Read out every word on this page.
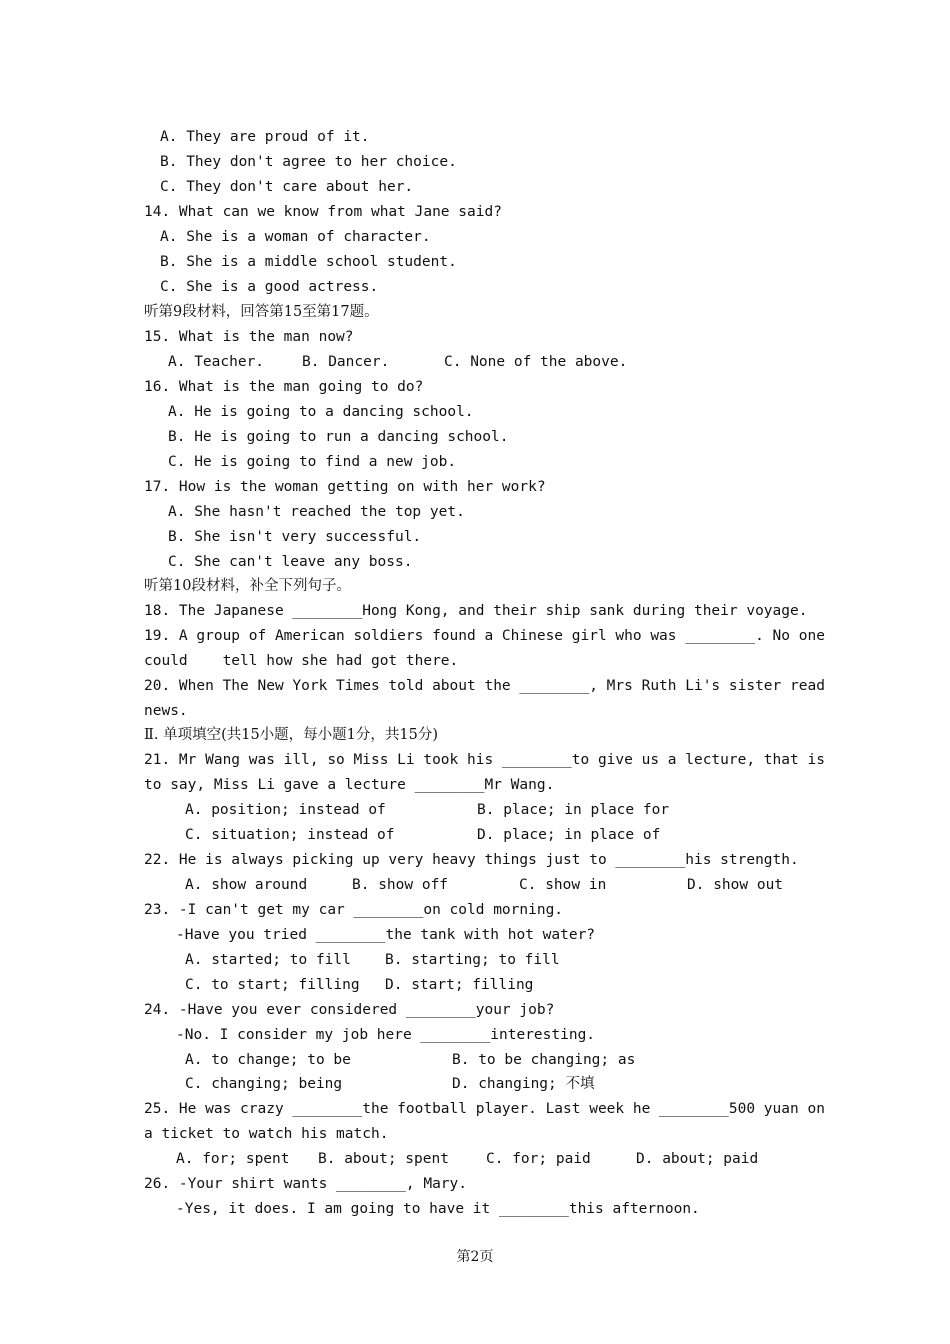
A. They are proud of it.
B. They don't agree to her choice.
C. They don't care about her.
14. What can we know from what Jane said?
A. She is a woman of character.
B. She is a middle school student.
C. She is a good actress.
听第9段材料，回答第15至第17题。
15. What is the man now?
A. Teacher.	B. Dancer.	C. None of the above.
16. What is the man going to do?
A. He is going to a dancing school.
B. He is going to run a dancing school.
C. He is going to find a new job.
17. How is the woman getting on with her work?
A. She hasn't reached the top yet.
B. She isn't very successful.
C. She can't leave any boss.
听第10段材料，补全下列句子。
18. The Japanese ________Hong Kong, and their ship sank during their voyage.
19. A group of American soldiers found a Chinese girl who was ________. No one
could    tell how she had got there.
20. When The New York Times told about the ________, Mrs Ruth Li's sister read
news.
Ⅱ. 单项填空(共15小题，每小题1分，共15分)
21. Mr Wang was ill, so Miss Li took his ________to give us a lecture, that is
to say, Miss Li gave a lecture ________Mr Wang.
A. position; instead of	B. place; in place for
C. situation; instead of	D. place; in place of
22. He is always picking up very heavy things just to ________his strength.
A. show around	B. show off	C. show in	D. show out
23. -I can't get my car ________on cold morning.
-Have you tried ________the tank with hot water?
A. started; to fill B. starting; to fill
C. to start; filling D. start; filling
24. -Have you ever considered ________your job?
-No. I consider my job here ________interesting.
A. to change; to be	B. to be changing; as
C. changing; being	D. changing; 不填
25. He was crazy ________the football player. Last week he ________500 yuan on
a ticket to watch his match.
A. for; spent B. about; spent	C. for; paid	D. about; paid
26. -Your shirt wants ________, Mary.
-Yes, it does. I am going to have it ________this afternoon.
第2页
